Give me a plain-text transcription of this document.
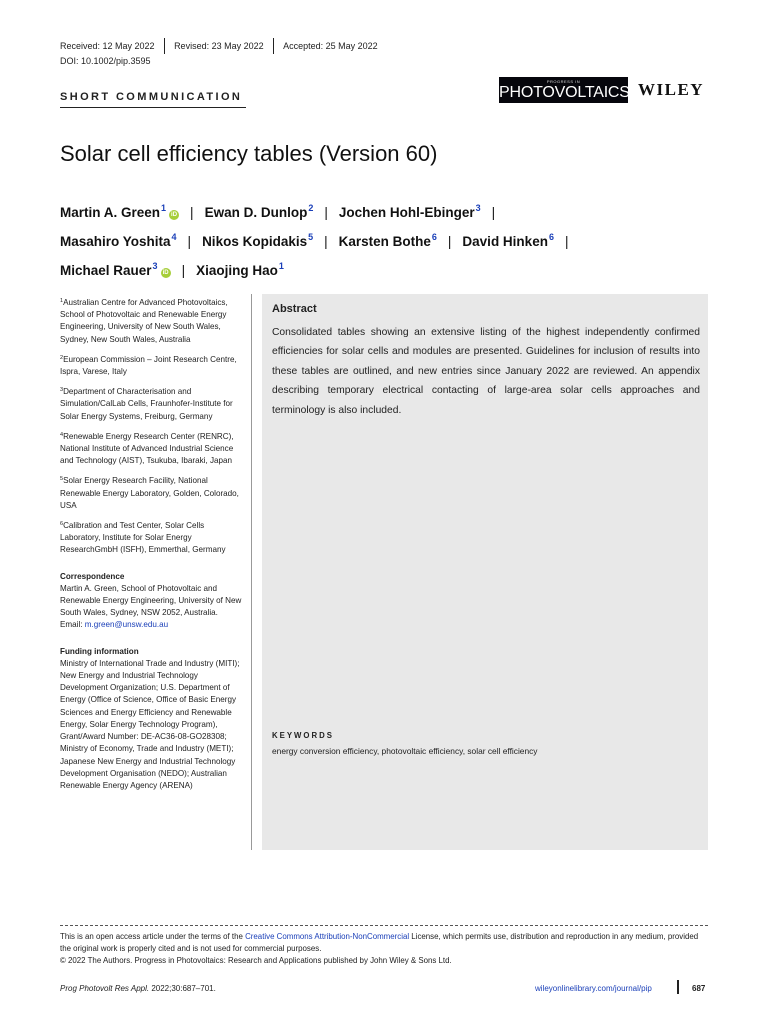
Received: 12 May 2022 Revised: 23 May 2022 Accepted: 25 May 2022
DOI: 10.1002/pip.3595
SHORT COMMUNICATION
PROGRESS IN
PHOTOVOLTAICS WILEY
Solar cell efficiency tables (Version 60)
Martin A. Green$^1$iD | Ewan D. Dunlop$^2$ | Jochen Hohl-Ebinger$^3$ |
Masahiro Yoshita$^4$ | Nikos Kopidakis$^5$ | Karsten Bothe$^6$ | David Hinken$^6$ |
Michael Rauer$^3$iD | Xiaojing Hao$^1$
$^1$Australian Centre for Advanced Photovoltaics, School of Photovoltaic and Renewable Energy Engineering, University of New South Wales, Sydney, New South Wales, Australia
$^2$European Commission – Joint Research Centre, Ispra, Varese, Italy
$^3$Department of Characterisation and Simulation/CalLab Cells, Fraunhofer-Institute for Solar Energy Systems, Freiburg, Germany
$^4$Renewable Energy Research Center (RENRC), National Institute of Advanced Industrial Science and Technology (AIST), Tsukuba, Ibaraki, Japan
$^5$Solar Energy Research Facility, National Renewable Energy Laboratory, Golden, Colorado, USA
$^6$Calibration and Test Center, Solar Cells Laboratory, Institute for Solar Energy ResearchGmbH (ISFH), Emmerthal, Germany
Correspondence
Martin A. Green, School of Photovoltaic and Renewable Energy Engineering, University of New South Wales, Sydney, NSW 2052, Australia.
Email: m.green@unsw.edu.au
Funding information
Ministry of International Trade and Industry (MITI); New Energy and Industrial Technology Development Organization; U.S. Department of Energy (Office of Science, Office of Basic Energy Sciences and Energy Efficiency and Renewable Energy, Solar Energy Technology Program), Grant/Award Number: DE-AC36-08-GO28308; Ministry of Economy, Trade and Industry (METI); Japanese New Energy and Industrial Technology Development Organisation (NEDO); Australian Renewable Energy Agency (ARENA)
Abstract
Consolidated tables showing an extensive listing of the highest independently confirmed efficiencies for solar cells and modules are presented. Guidelines for inclusion of results into these tables are outlined, and new entries since January 2022 are reviewed. An appendix describing temporary electrical contacting of large-area solar cells approaches and terminology is also included.
KEYWORDS
energy conversion efficiency, photovoltaic efficiency, solar cell efficiency
This is an open access article under the terms of the Creative Commons Attribution-NonCommercial License, which permits use, distribution and reproduction in any medium, provided the original work is properly cited and is not used for commercial purposes.
© 2022 The Authors. Progress in Photovoltaics: Research and Applications published by John Wiley & Sons Ltd.
Prog Photovolt Res Appl. 2022;30:687–701.	wileyonlinelibrary.com/journal/pip	687
